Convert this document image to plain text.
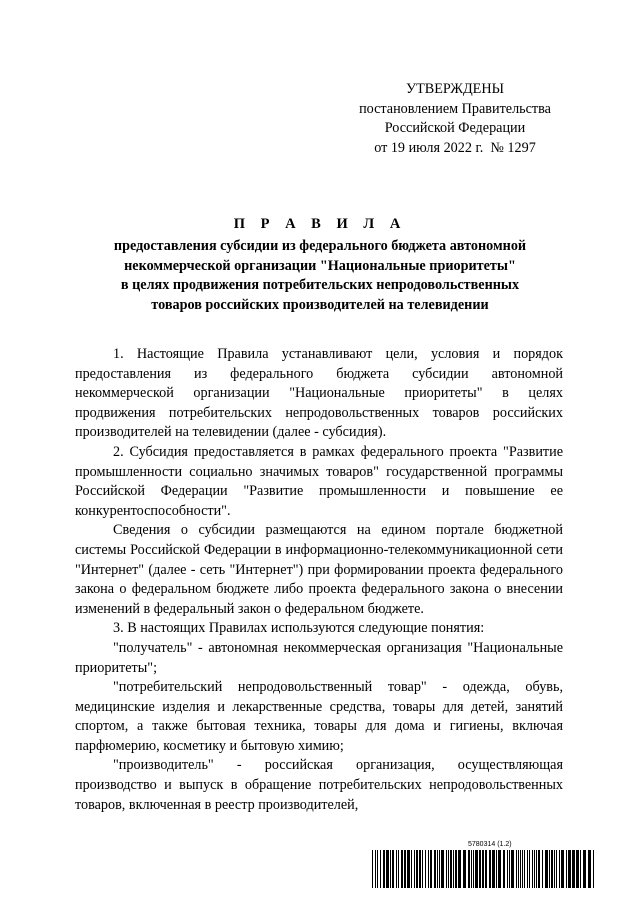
УТВЕРЖДЕНЫ
постановлением Правительства
Российской Федерации
от 19 июля 2022 г.  № 1297
П Р А В И Л А
предоставления субсидии из федерального бюджета автономной
некоммерческой организации "Национальные приоритеты"
в целях продвижения потребительских непродовольственных
товаров российских производителей на телевидении

1. Настоящие Правила устанавливают цели, условия и порядок предоставления из федерального бюджета субсидии автономной некоммерческой организации "Национальные приоритеты" в целях продвижения потребительских непродовольственных товаров российских производителей на телевидении (далее - субсидия).

2. Субсидия предоставляется в рамках федерального проекта "Развитие промышленности социально значимых товаров" государственной программы Российской Федерации "Развитие промышленности и повышение ее конкурентоспособности".

Сведения о субсидии размещаются на едином портале бюджетной системы Российской Федерации в информационно-телекоммуникационной сети "Интернет" (далее - сеть "Интернет") при формировании проекта федерального закона о федеральном бюджете либо проекта федерального закона о внесении изменений в федеральный закон о федеральном бюджете.

3. В настоящих Правилах используются следующие понятия:

"получатель" - автономная некоммерческая организация "Национальные приоритеты";

"потребительский непродовольственный товар" - одежда, обувь, медицинские изделия и лекарственные средства, товары для детей, занятий спортом, а также бытовая техника, товары для дома и гигиены, включая парфюмерию, косметику и бытовую химию;

"производитель" - российская организация, осуществляющая производство и выпуск в обращение потребительских непродовольственных товаров, включенная в реестр производителей,

5780314 (1.2)
